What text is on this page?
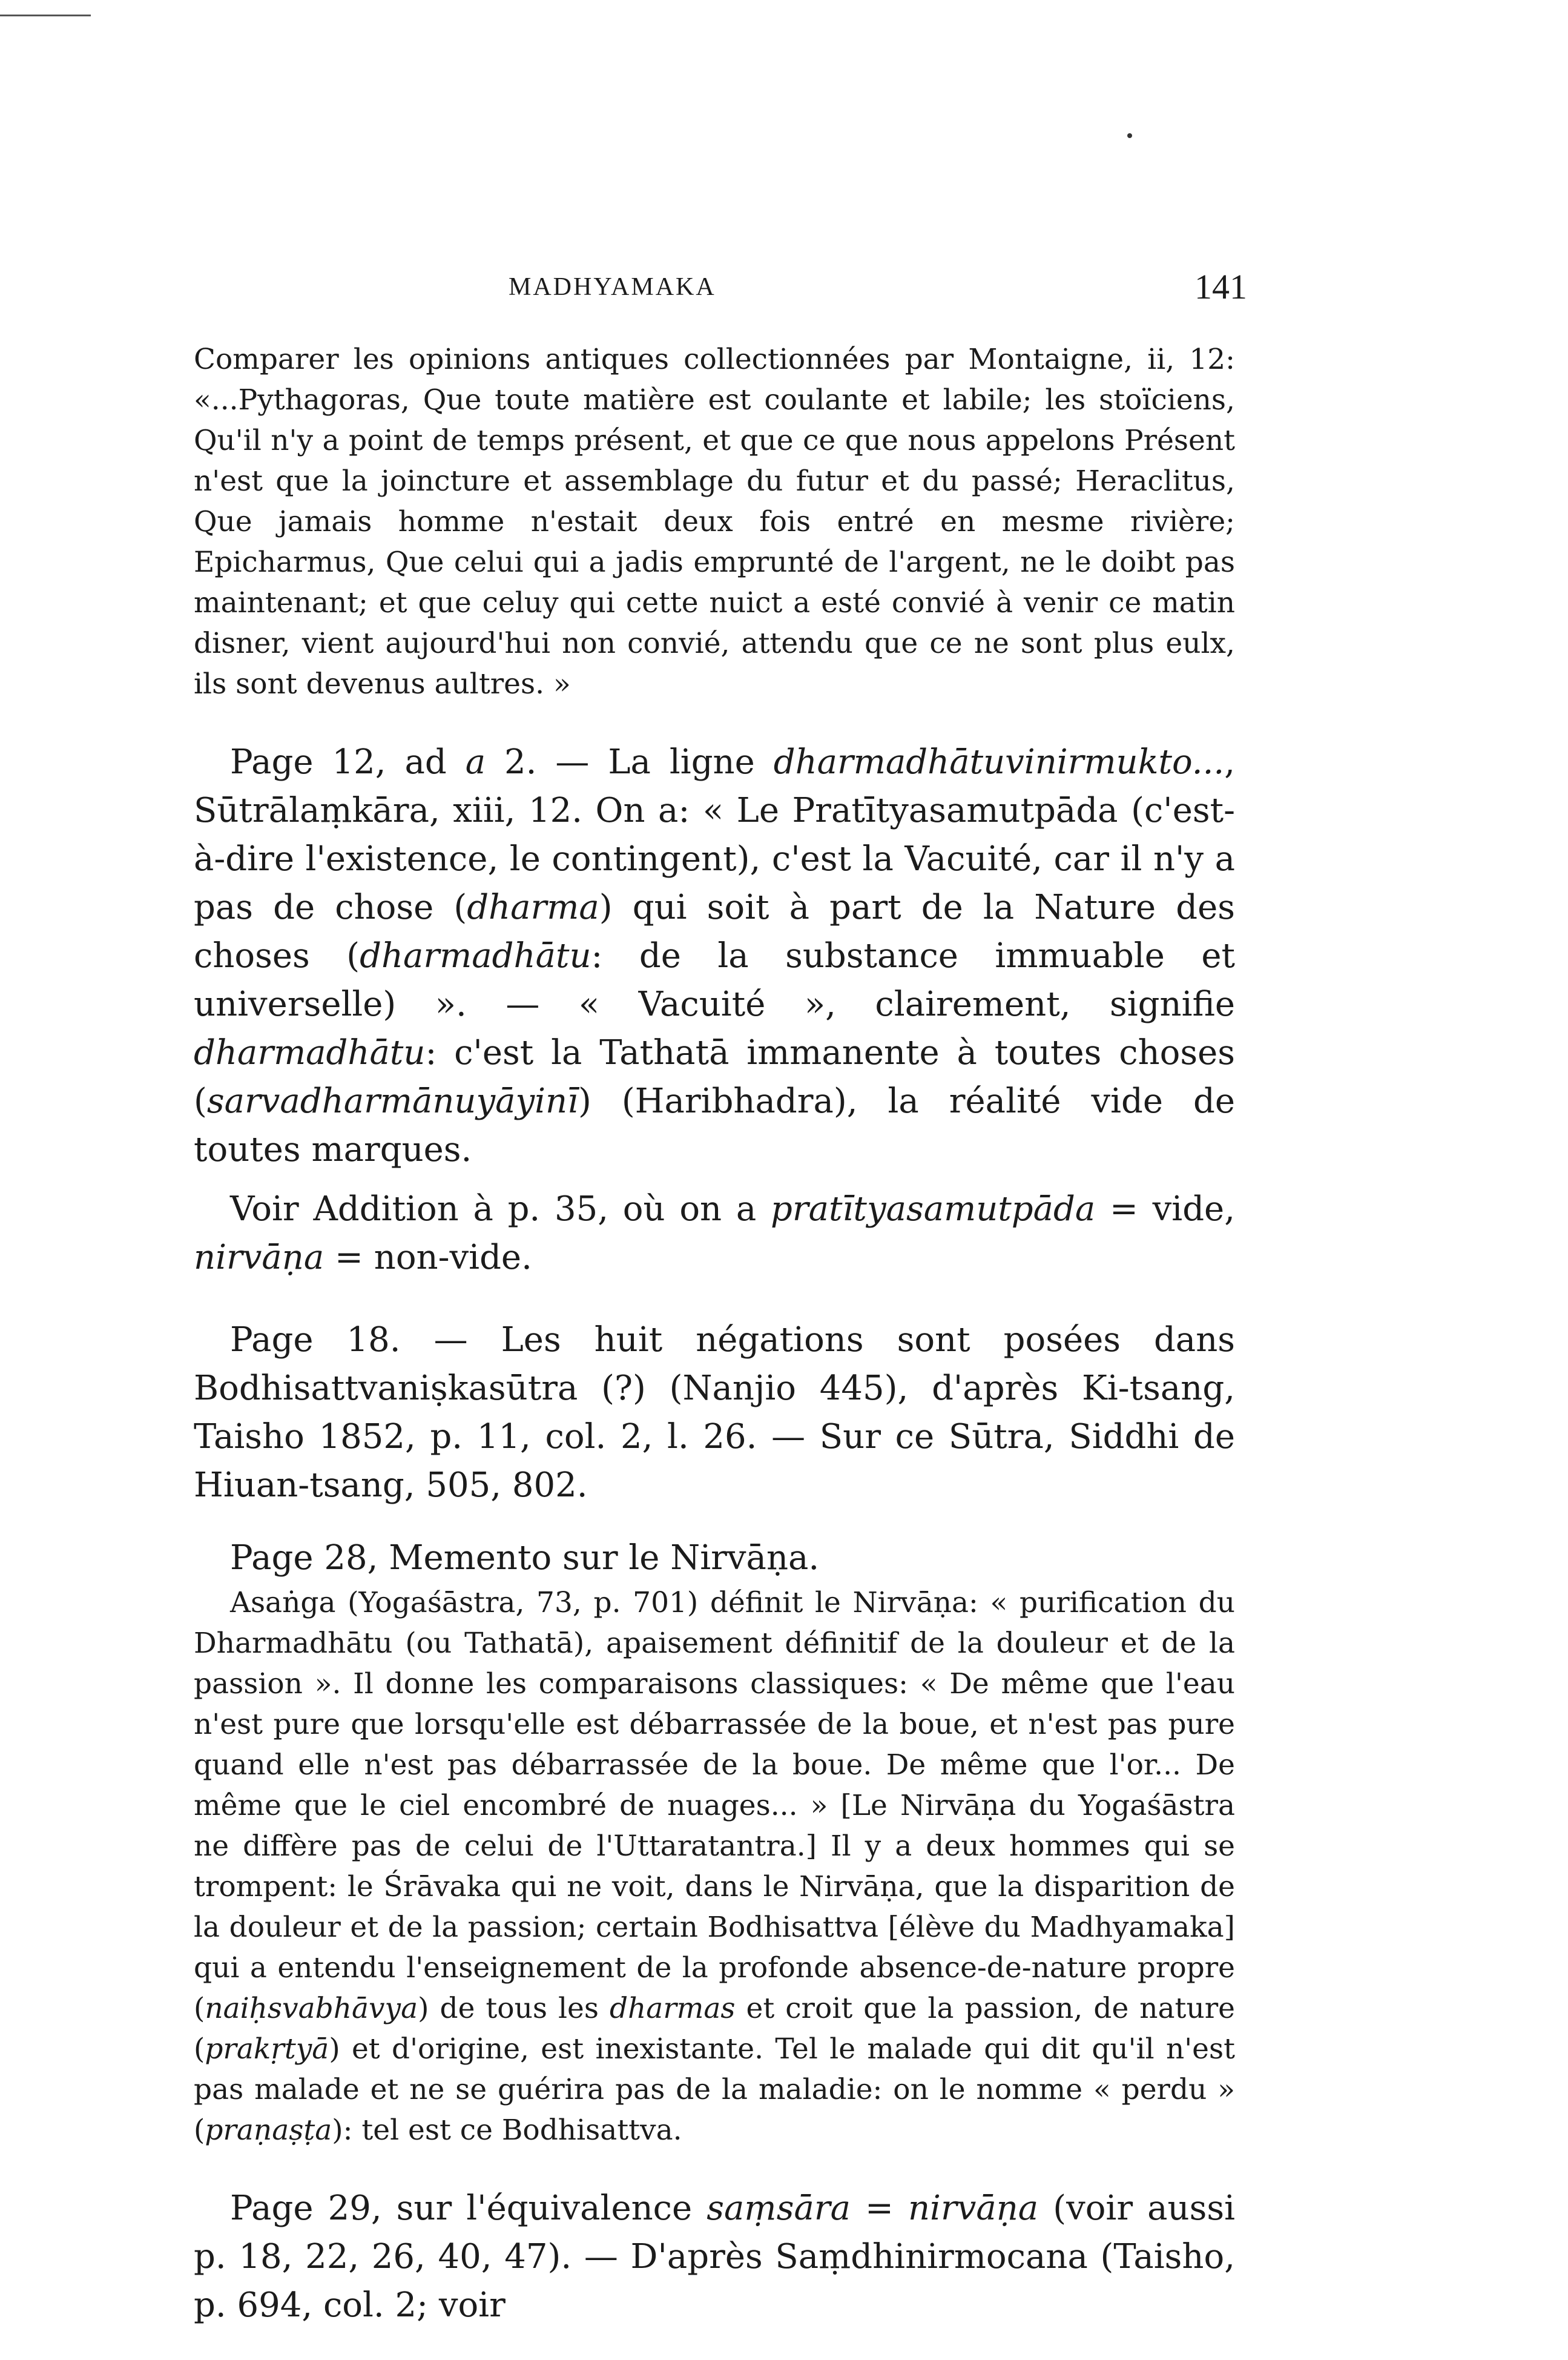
MADHYAMAKA	141

Comparer les opinions antiques collectionnées par Montaigne, ii, 12: «...Pythagoras, Que toute matière est coulante et labile; les stoïciens, Qu'il n'y a point de temps présent, et que ce que nous appelons Présent n'est que la joincture et assemblage du futur et du passé; Heraclitus, Que jamais homme n'estait deux fois entré en mesme rivière; Epicharmus, Que celui qui a jadis emprunté de l'argent, ne le doibt pas maintenant; et que celuy qui cette nuict a esté convié à venir ce matin disner, vient aujourd'hui non convié, attendu que ce ne sont plus eulx, ils sont devenus aultres. »

Page 12, ad a 2. — La ligne dharmadhātuvinirmukto..., Sūtrālaṃkāra, xiii, 12. On a: « Le Pratītyasamutpāda (c'est-à-dire l'existence, le contingent), c'est la Vacuité, car il n'y a pas de chose (dharma) qui soit à part de la Nature des choses (dharmadhātu: de la substance immuable et universelle) ». — « Vacuité », clairement, signifie dharmadhātu: c'est la Tathatā immanente à toutes choses (sarvadharmānuyāyinī) (Haribhadra), la réalité vide de toutes marques.

Voir Addition à p. 35, où on a pratītyasamutpāda = vide, nirvāṇa = non-vide.

Page 18. — Les huit négations sont posées dans Bodhisattvaniṣkasūtra (?) (Nanjio 445), d'après Ki-tsang, Taisho 1852, p. 11, col. 2, l. 26. — Sur ce Sūtra, Siddhi de Hiuan-tsang, 505, 802.

Page 28, Memento sur le Nirvāṇa.

Asaṅga (Yogaśāstra, 73, p. 701) définit le Nirvāṇa: « purification du Dharmadhātu (ou Tathatā), apaisement définitif de la douleur et de la passion ». Il donne les comparaisons classiques: « De même que l'eau n'est pure que lorsqu'elle est débarrassée de la boue, et n'est pas pure quand elle n'est pas débarrassée de la boue. De même que l'or... De même que le ciel encombré de nuages... » [Le Nirvāṇa du Yogaśāstra ne diffère pas de celui de l'Uttaratantra.] Il y a deux hommes qui se trompent: le Śrāvaka qui ne voit, dans le Nirvāṇa, que la disparition de la douleur et de la passion; certain Bodhisattva [élève du Madhyamaka] qui a entendu l'enseignement de la profonde absence-de-nature propre (naiḥsvabhāvya) de tous les dharmas et croit que la passion, de nature (prakṛtyā) et d'origine, est inexistante. Tel le malade qui dit qu'il n'est pas malade et ne se guérira pas de la maladie: on le nomme « perdu » (praṇaṣṭa): tel est ce Bodhisattva.

Page 29, sur l'équivalence saṃsāra = nirvāṇa (voir aussi p. 18, 22, 26, 40, 47). — D'après Saṃdhinirmocana (Taisho, p. 694, col. 2; voir
